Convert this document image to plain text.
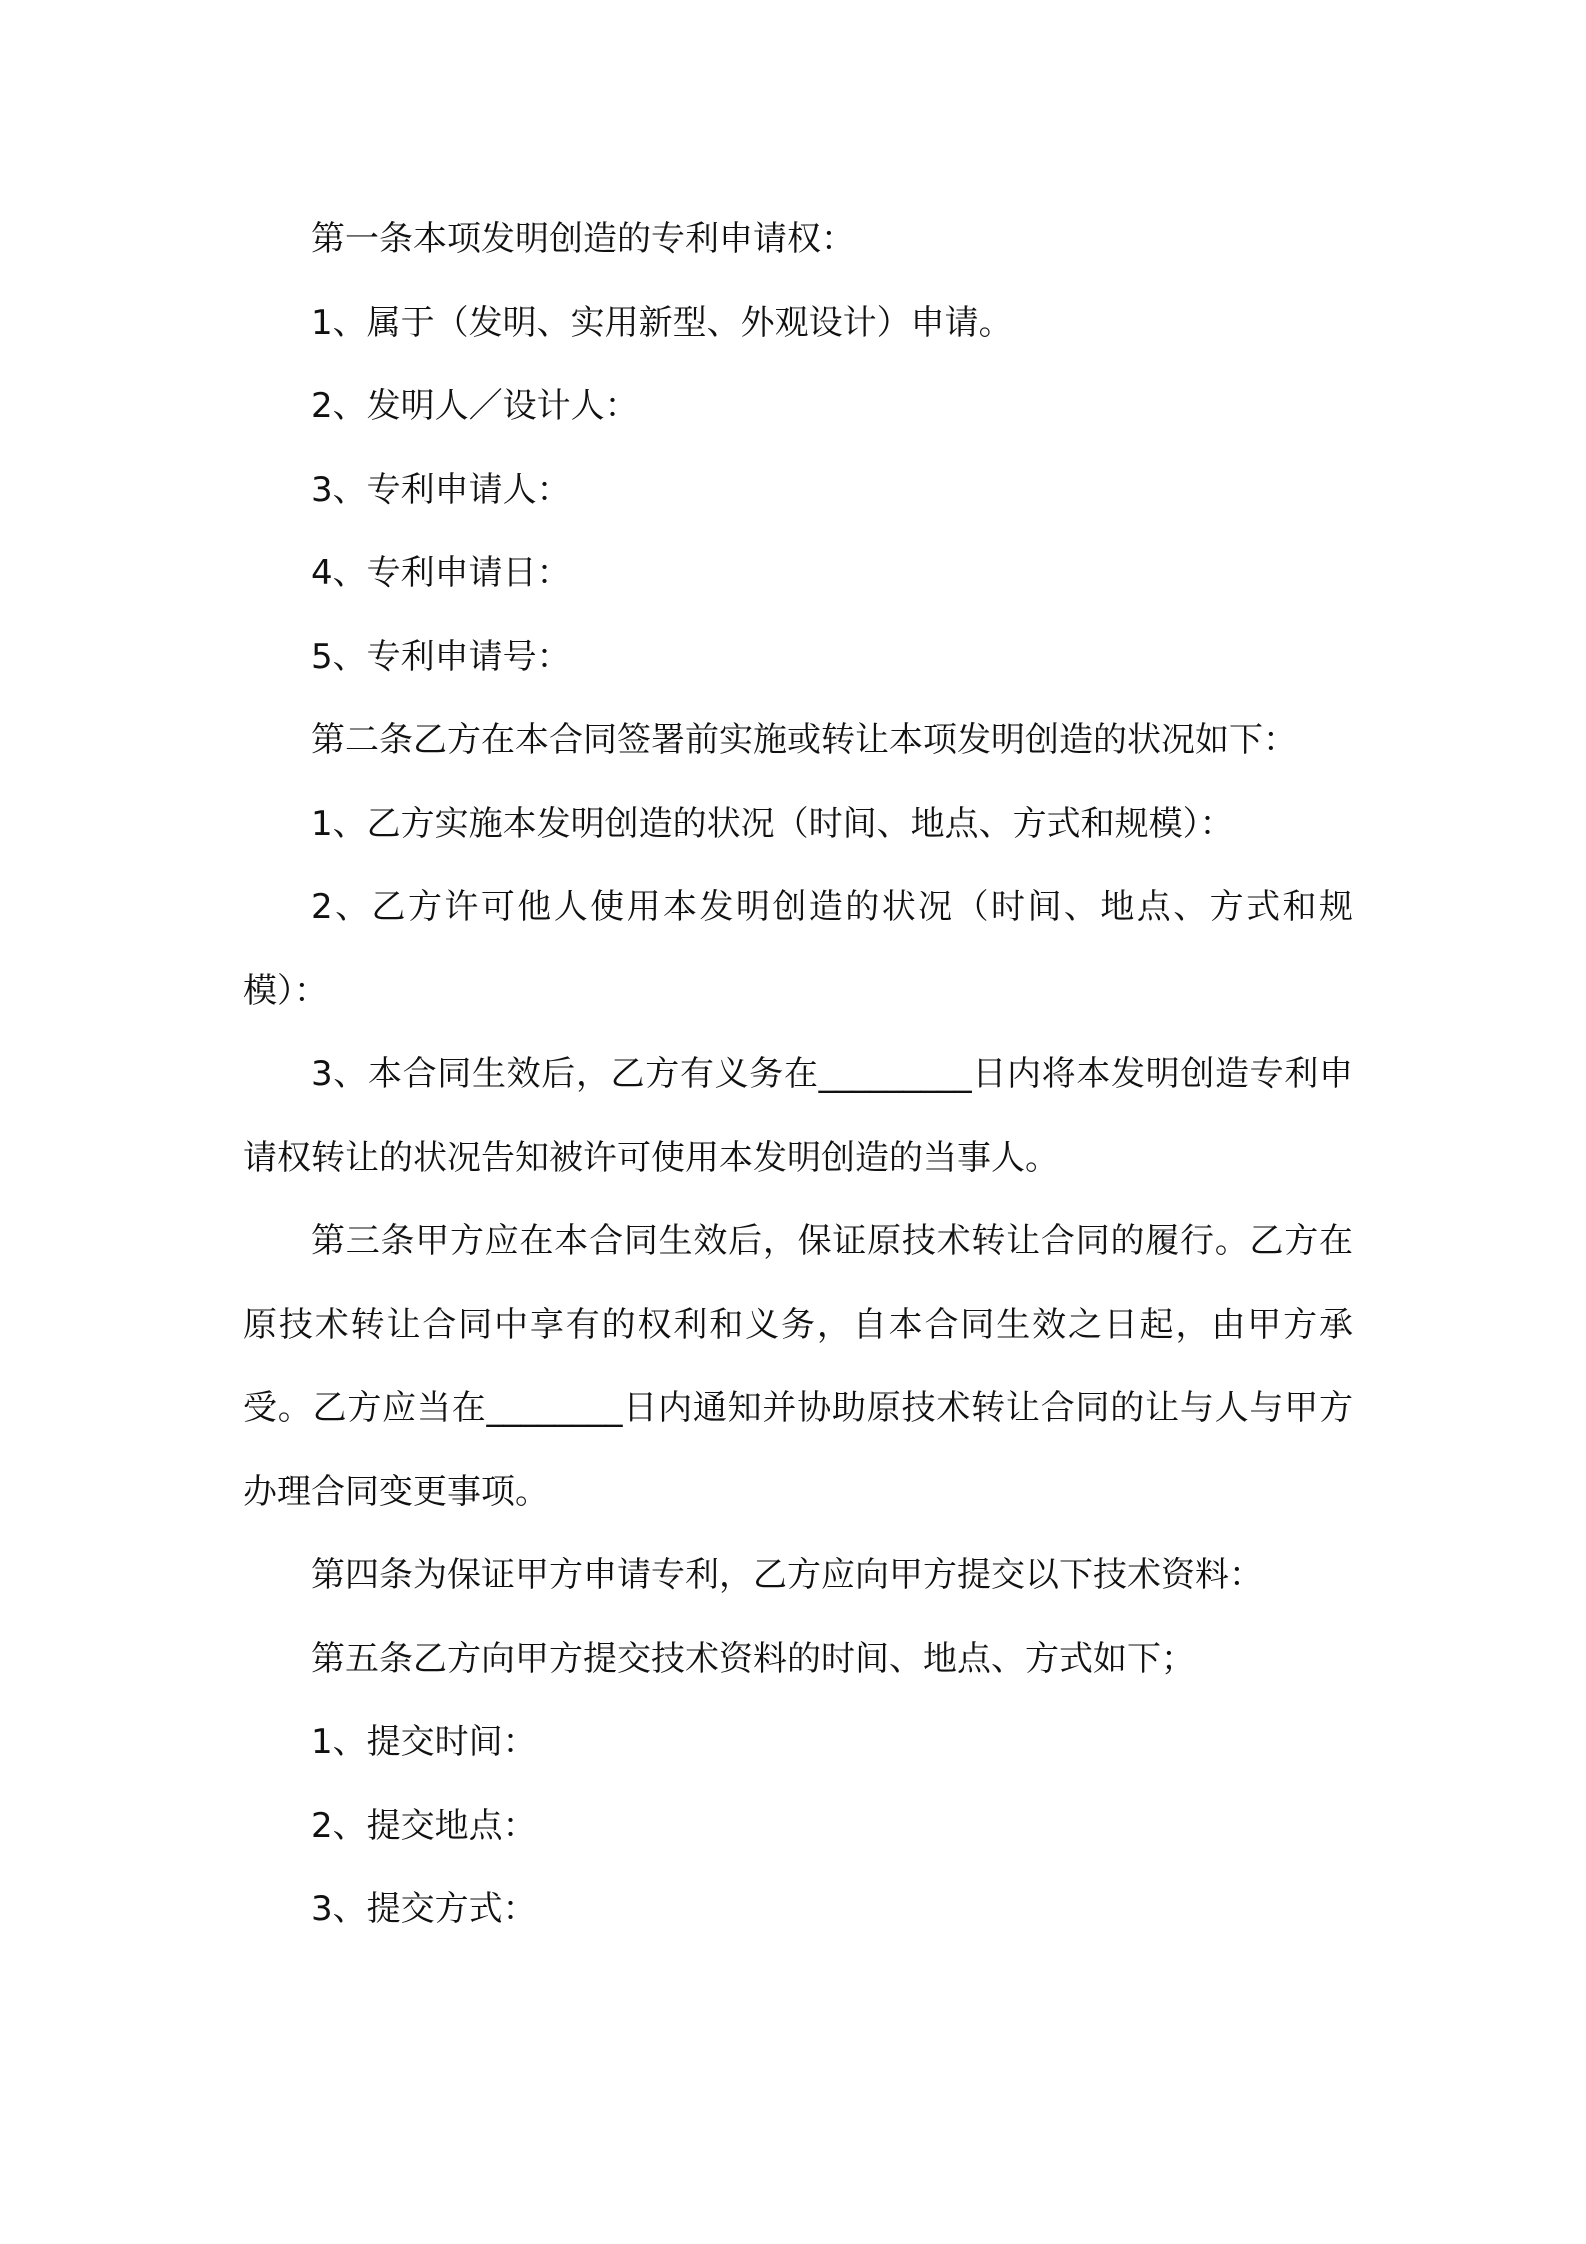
第一条本项发明创造的专利申请权：

1、属于（发明、实用新型、外观设计）申请。

2、发明人／设计人：

3、专利申请人：

4、专利申请日：

5、专利申请号：

第二条乙方在本合同签署前实施或转让本项发明创造的状况如下：

1、乙方实施本发明创造的状况（时间、地点、方式和规模）：

2、乙方许可他人使用本发明创造的状况（时间、地点、方式和规模）：

3、本合同生效后，乙方有义务在_________日内将本发明创造专利申请权转让的状况告知被许可使用本发明创造的当事人。

第三条甲方应在本合同生效后，保证原技术转让合同的履行。乙方在原技术转让合同中享有的权利和义务，自本合同生效之日起，由甲方承受。乙方应当在________日内通知并协助原技术转让合同的让与人与甲方办理合同变更事项。

第四条为保证甲方申请专利，乙方应向甲方提交以下技术资料：

第五条乙方向甲方提交技术资料的时间、地点、方式如下；

1、提交时间：

2、提交地点：

3、提交方式：
